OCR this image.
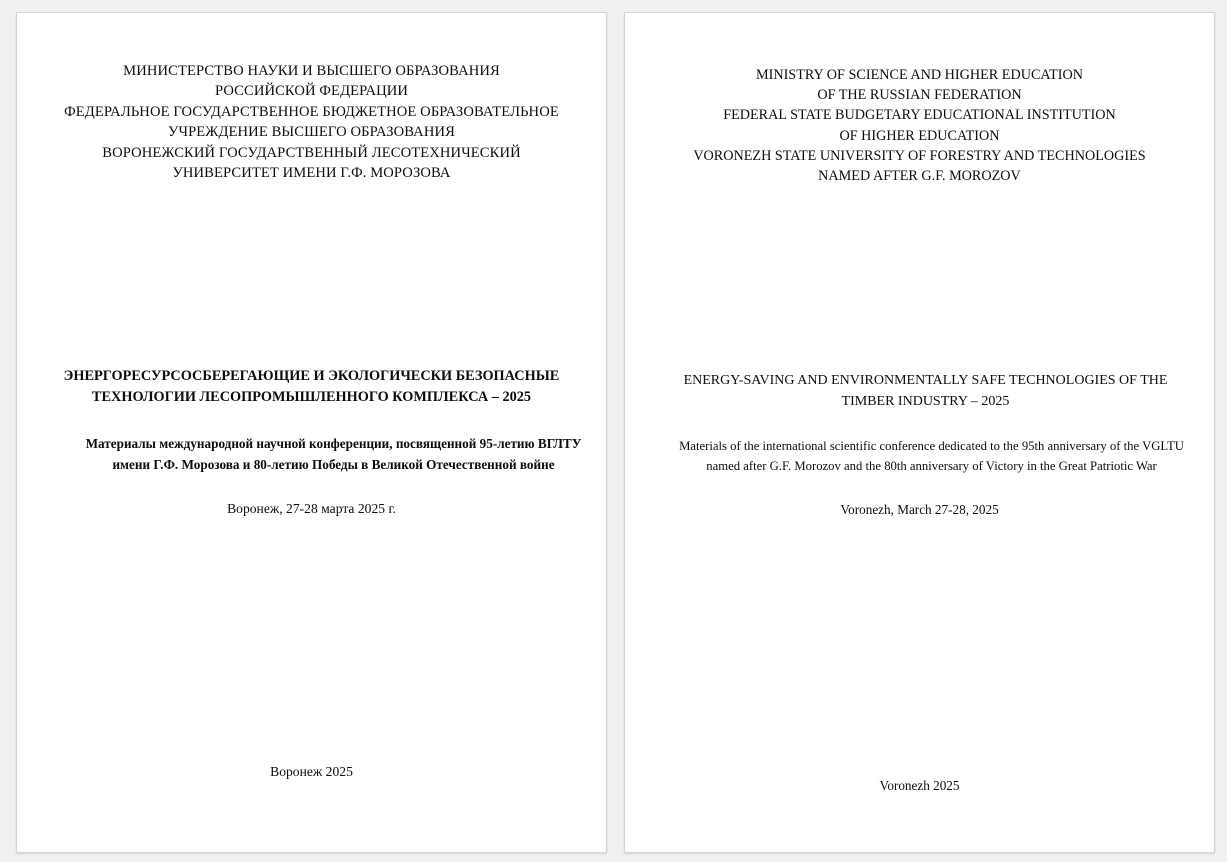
МИНИСТЕРСТВО НАУКИ И ВЫСШЕГО ОБРАЗОВАНИЯ
РОССИЙСКОЙ ФЕДЕРАЦИИ
ФЕДЕРАЛЬНОЕ ГОСУДАРСТВЕННОЕ БЮДЖЕТНОЕ ОБРАЗОВАТЕЛЬНОЕ
УЧРЕЖДЕНИЕ ВЫСШЕГО ОБРАЗОВАНИЯ
ВОРОНЕЖСКИЙ ГОСУДАРСТВЕННЫЙ ЛЕСОТЕХНИЧЕСКИЙ
УНИВЕРСИТЕТ ИМЕНИ Г.Ф. МОРОЗОВА
ЭНЕРГОРЕСУРСОСБЕРЕГАЮЩИЕ И ЭКОЛОГИЧЕСКИ БЕЗОПАСНЫЕ ТЕХНОЛОГИИ ЛЕСОПРОМЫШЛЕННОГО КОМПЛЕКСА – 2025
Материалы международной научной конференции, посвященной 95-летию ВГЛТУ имени Г.Ф. Морозова и 80-летию Победы в Великой Отечественной войне
Воронеж, 27-28 марта 2025 г.
Воронеж 2025
MINISTRY OF SCIENCE AND HIGHER EDUCATION
OF THE RUSSIAN FEDERATION
FEDERAL STATE BUDGETARY EDUCATIONAL INSTITUTION
OF HIGHER EDUCATION
VORONEZH STATE UNIVERSITY OF FORESTRY AND TECHNOLOGIES
NAMED AFTER G.F. MOROZOV
ENERGY-SAVING AND ENVIRONMENTALLY SAFE TECHNOLOGIES OF THE TIMBER INDUSTRY – 2025
Materials of the international scientific conference dedicated to the 95th anniversary of the VGLTU named after G.F. Morozov and the 80th anniversary of Victory in the Great Patriotic War
Voronezh, March 27-28, 2025
Voronezh 2025
